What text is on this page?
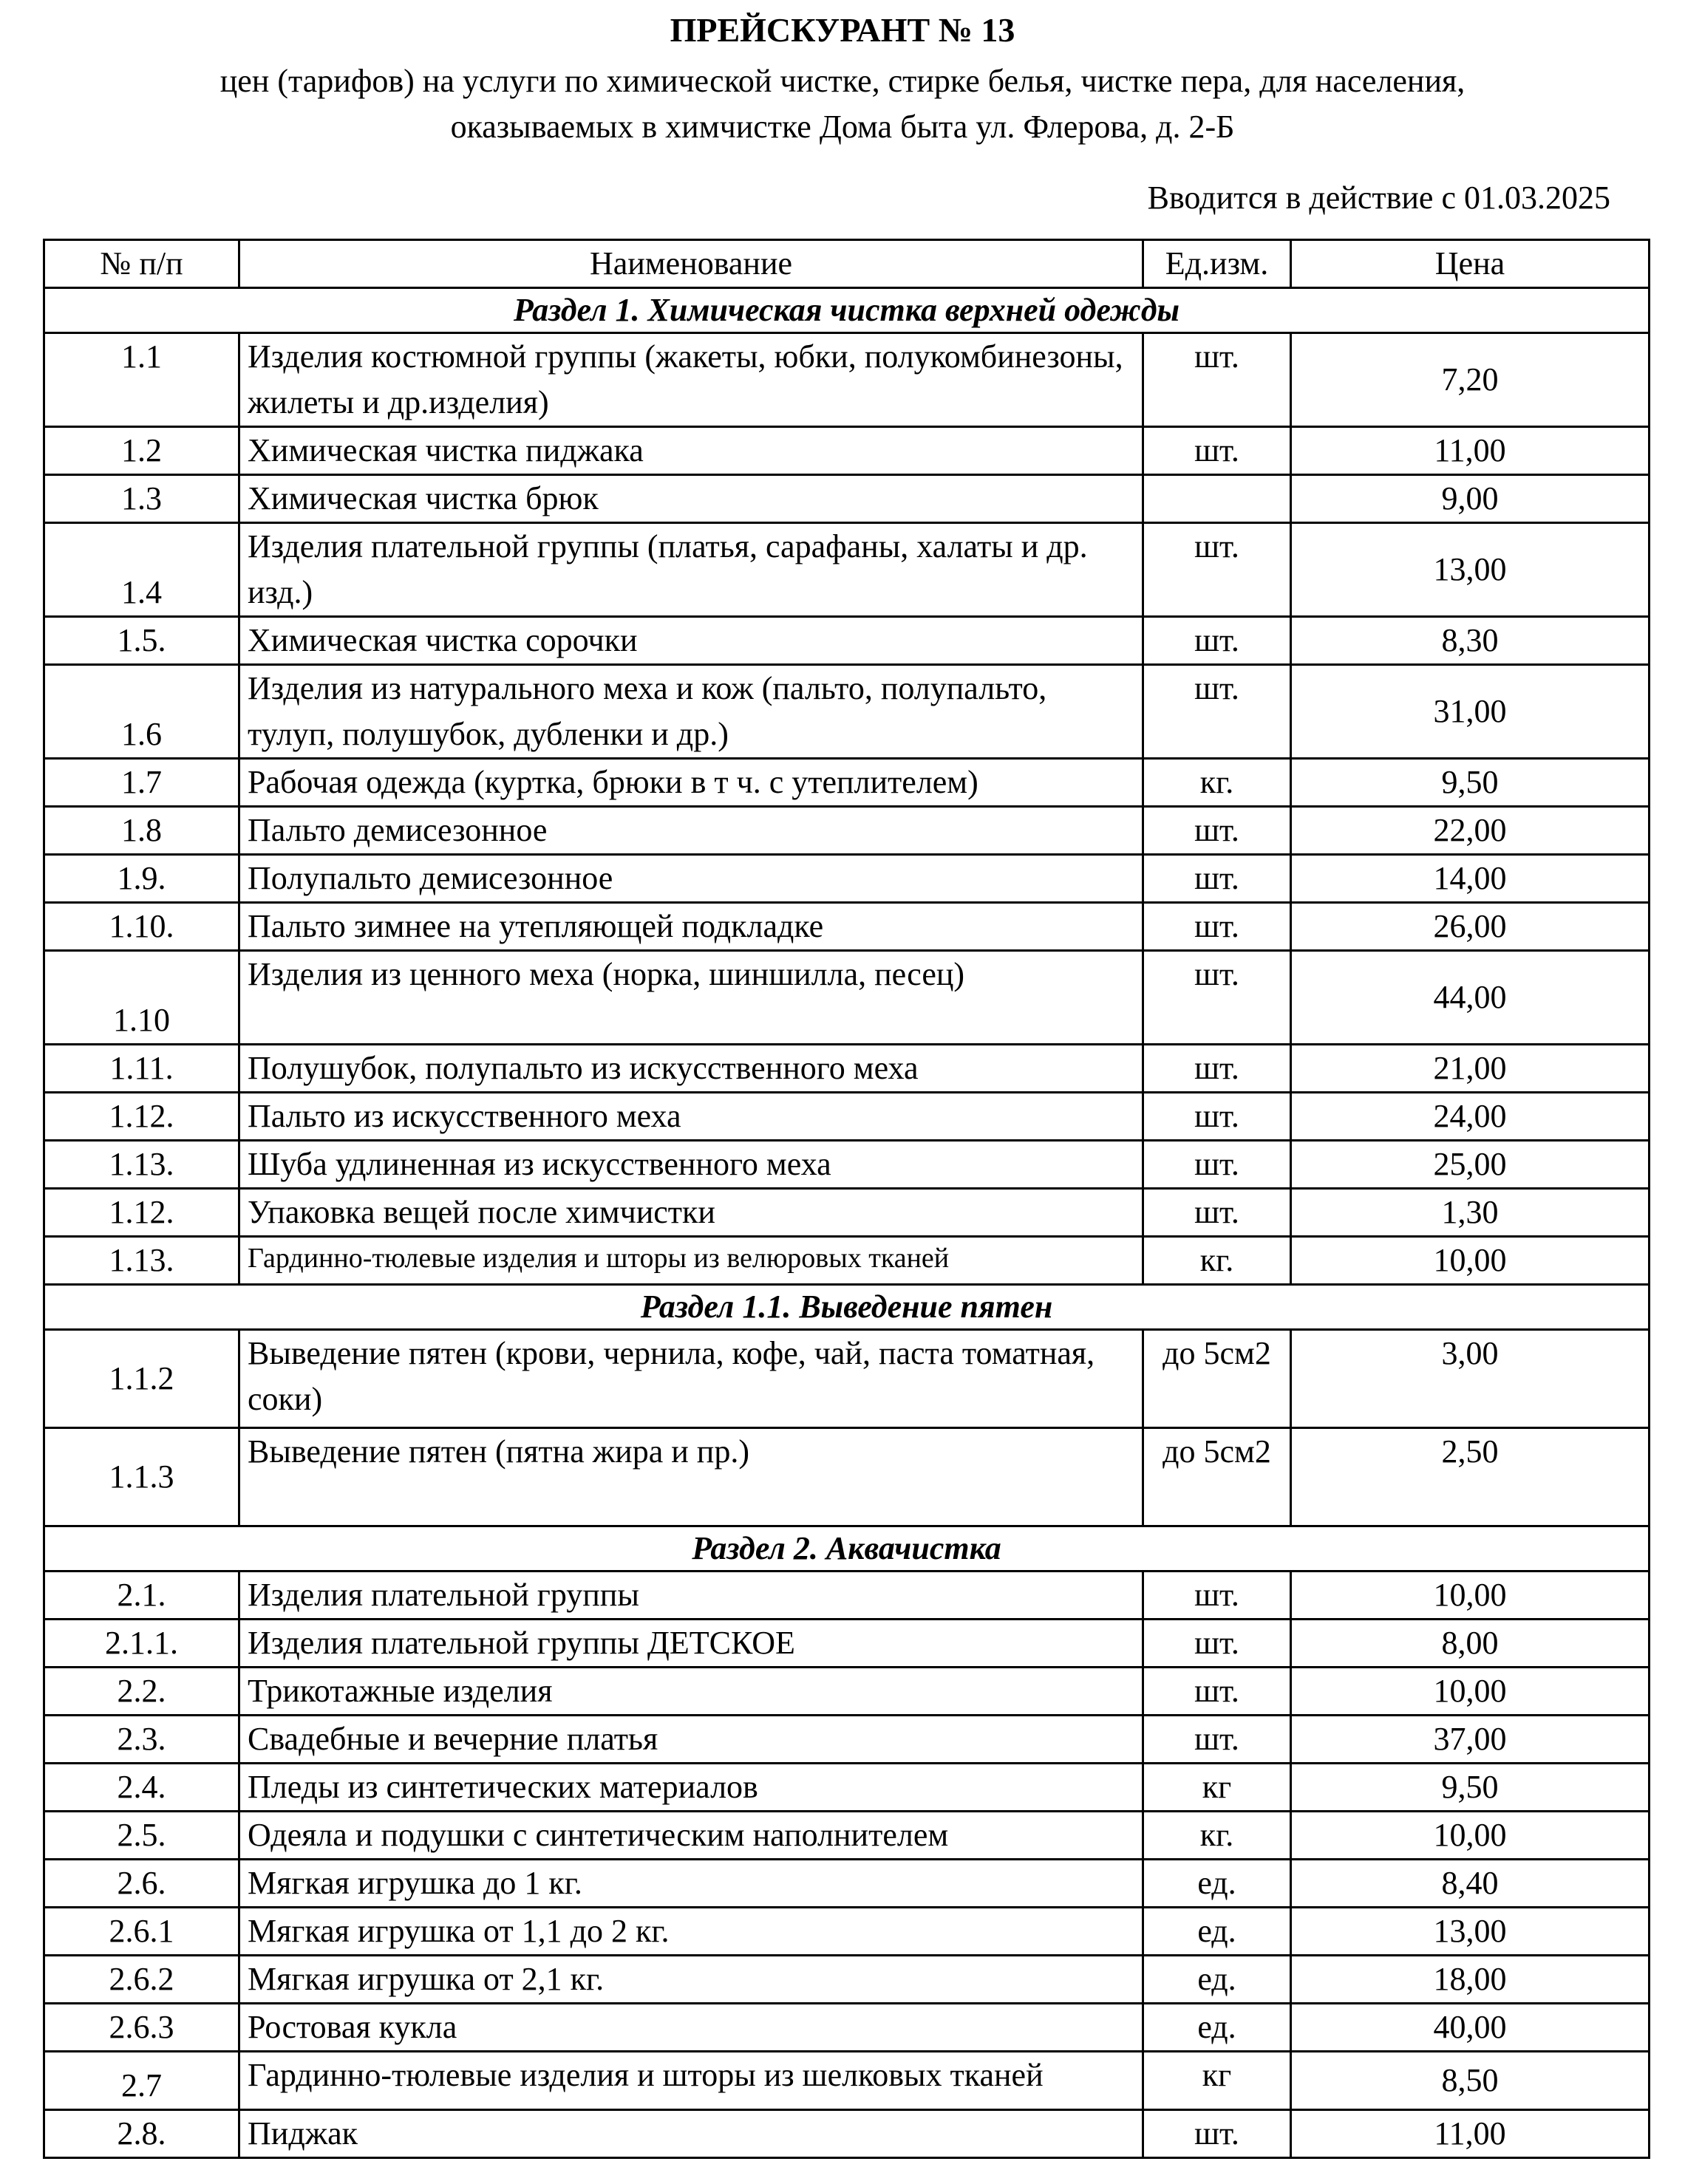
ПРЕЙСКУРАНТ № 13
цен (тарифов) на услуги по химической чистке, стирке белья, чистке пера, для населения,
оказываемых в химчистке Дома быта ул. Флерова, д. 2-Б
Вводится в действие с 01.03.2025
№ п/п	Наименование	Ед.изм.	Цена
Раздел 1. Химическая чистка верхней одежды			
1.1	Изделия костюмной группы (жакеты, юбки, полукомбинезоны, жилеты и др.изделия)	шт.	7,20
1.2	Химическая чистка пиджака	шт.	11,00
1.3	Химическая чистка брюк		9,00
1.4	Изделия плательной группы (платья, сарафаны, халаты и др. изд.)	шт.	13,00
1.5.	Химическая чистка сорочки	шт.	8,30
1.6	Изделия из натурального меха и кож (пальто, полупальто, тулуп, полушубок, дубленки и др.)	шт.	31,00
1.7	Рабочая одежда (куртка, брюки в т ч. с утеплителем)	кг.	9,50
1.8	Пальто демисезонное	шт.	22,00
1.9.	Полупальто демисезонное	шт.	14,00
1.10.	Пальто зимнее на утепляющей подкладке	шт.	26,00
1.10	Изделия из ценного меха (норка, шиншилла, песец)	шт.	44,00
1.11.	Полушубок, полупальто из искусственного меха	шт.	21,00
1.12.	Пальто из искусственного меха	шт.	24,00
1.13.	Шуба удлиненная из искусственного меха	шт.	25,00
1.12.	Упаковка вещей после химчистки	шт.	1,30
1.13.	Гардинно-тюлевые изделия и шторы из велюровых тканей	кг.	10,00
Раздел 1.1. Выведение пятен			
1.1.2	Выведение пятен (крови, чернила, кофе, чай, паста томатная, соки)	до 5см2	3,00
1.1.3	Выведение пятен (пятна жира и пр.)	до 5см2	2,50
Раздел 2. Аквачистка			
2.1.	Изделия плательной группы	шт.	10,00
2.1.1.	Изделия плательной группы ДЕТСКОЕ	шт.	8,00
2.2.	Трикотажные изделия	шт.	10,00
2.3.	Свадебные и вечерние платья	шт.	37,00
2.4.	Пледы из синтетических материалов	кг	9,50
2.5.	Одеяла и подушки с синтетическим наполнителем	кг.	10,00
2.6.	Мягкая игрушка до 1 кг.	ед.	8,40
2.6.1	Мягкая игрушка от 1,1 до 2 кг.	ед.	13,00
2.6.2	Мягкая игрушка от 2,1 кг.	ед.	18,00
2.6.3	Ростовая кукла	ед.	40,00
2.7	Гардинно-тюлевые изделия и шторы из шелковых тканей	кг	8,50
2.8.	Пиджак	шт.	11,00
